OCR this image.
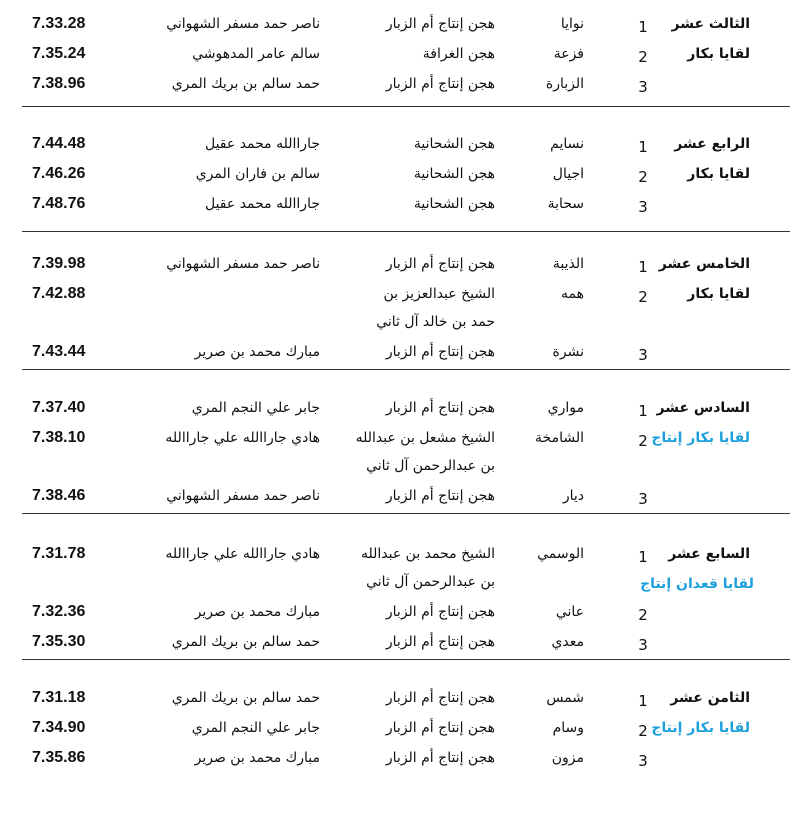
الثالث عشر
لقايا بكار
1
نوايا
هجن إنتاج أم الزبار
ناصر حمد مسفر الشهواني
7.33.28
2
فزعة
هجن الغرافة
سالم عامر المدهوشي
7.35.24
3
الزبارة
هجن إنتاج أم الزبار
حمد سالم بن بريك المري
7.38.96
الرابع عشر
لقايا بكار
1
نسايم
هجن الشحانية
جاراالله محمد عقيل
7.44.48
2
اجيال
هجن الشحانية
سالم بن فاران المري
7.46.26
3
سحابة
هجن الشحانية
جاراالله محمد عقيل
7.48.76
الخامس عشر
لقايا بكار
1
الذيبة
هجن إنتاج أم الزبار
ناصر حمد مسفر الشهواني
7.39.98
2
همه
الشيخ عبدالعزيز بن
حمد بن خالد آل ثاني
7.42.88
3
نشرة
هجن إنتاج أم الزبار
مبارك محمد بن صرير
7.43.44
السادس عشر
لقايا بكار إنتاج
1
مواري
هجن إنتاج أم الزبار
جابر علي النجم المري
7.37.40
2
الشامخة
الشيخ مشعل بن عبدالله
بن عبدالرحمن آل ثاني
هادي جاراالله علي جاراالله
7.38.10
3
ديار
هجن إنتاج أم الزبار
ناصر حمد مسفر الشهواني
7.38.46
السابع عشر
لقايا قعدان إنتاج
1
الوسمي
الشيخ محمد بن عبدالله
بن عبدالرحمن آل ثاني
هادي جاراالله علي جاراالله
7.31.78
2
عاني
هجن إنتاج أم الزبار
مبارك محمد بن صرير
7.32.36
3
معدي
هجن إنتاج أم الزبار
حمد سالم بن بريك المري
7.35.30
الثامن عشر
لقايا بكار إنتاج
1
شمس
هجن إنتاج أم الزبار
حمد سالم بن بريك المري
7.31.18
2
وسام
هجن إنتاج أم الزبار
جابر علي النجم المري
7.34.90
3
مزون
هجن إنتاج أم الزبار
مبارك محمد بن صرير
7.35.86
